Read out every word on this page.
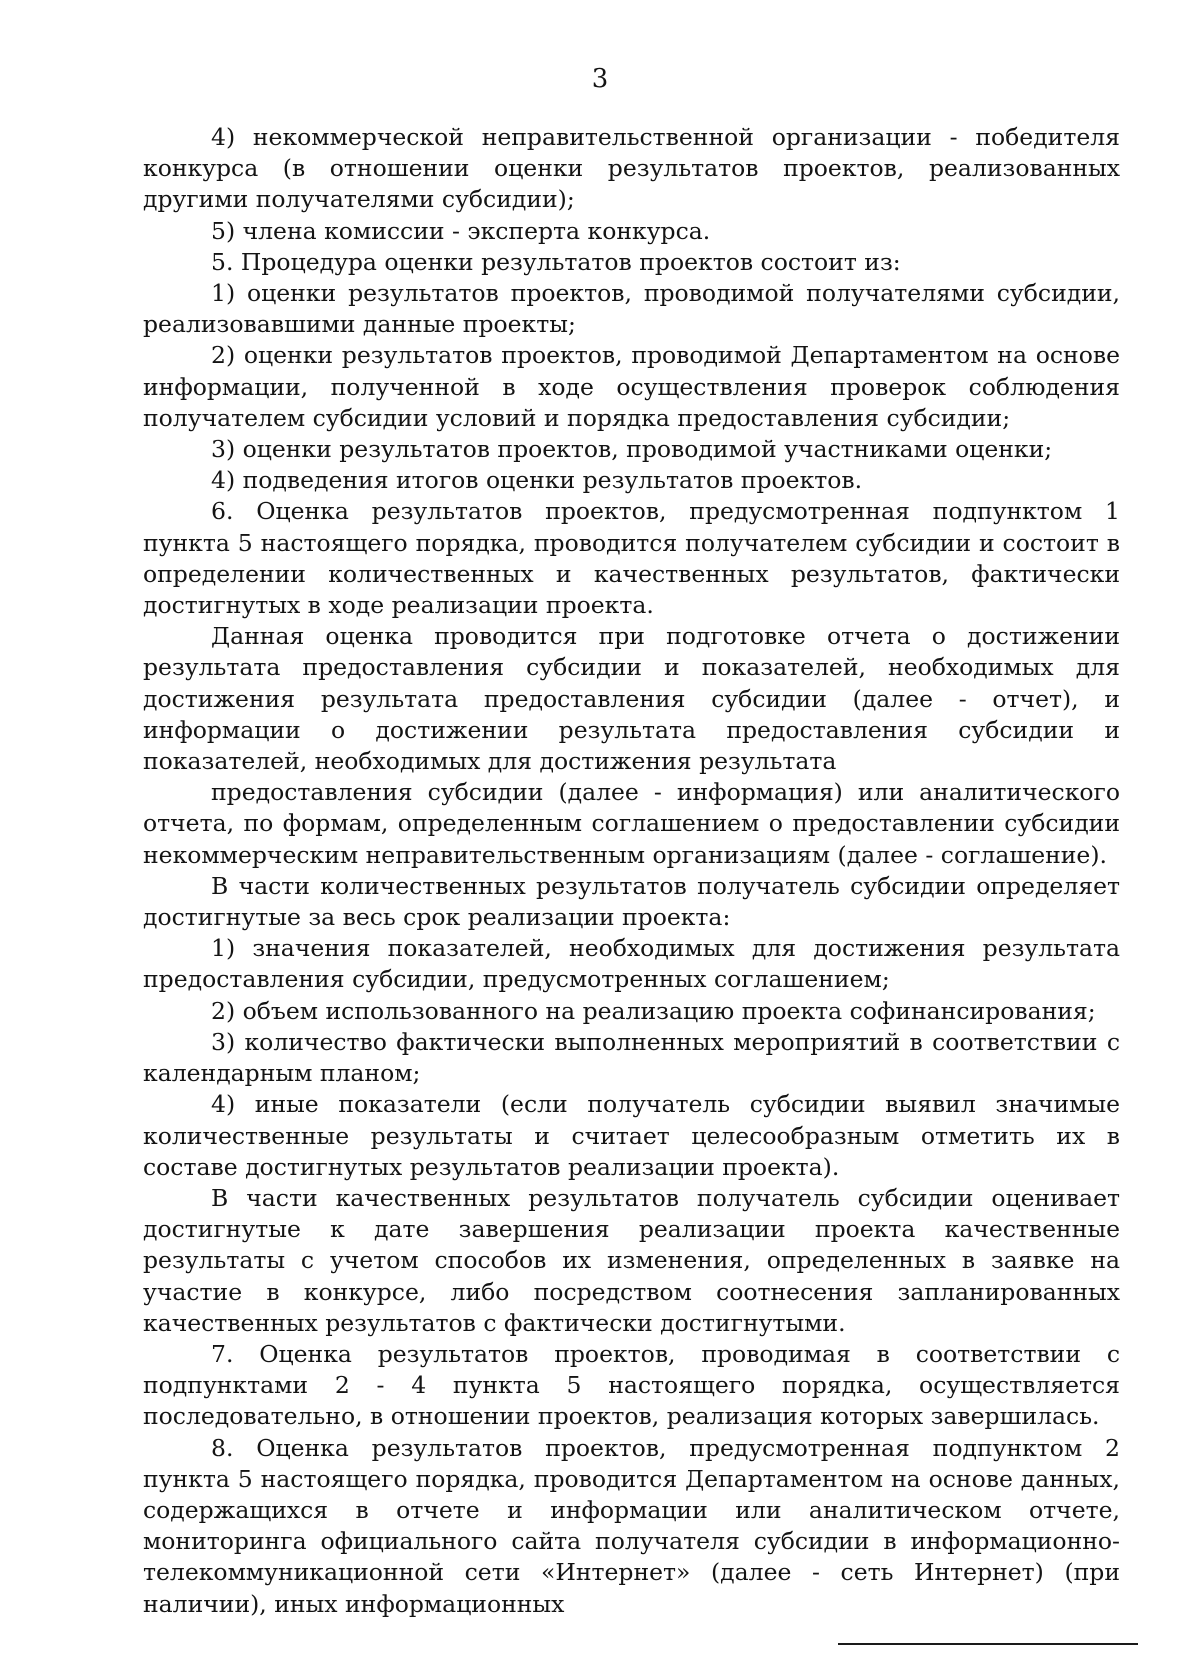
3

4) некоммерческой неправительственной организации - победителя конкурса (в отношении оценки результатов проектов, реализованных другими получателями субсидии);

5) члена комиссии - эксперта конкурса.

5. Процедура оценки результатов проектов состоит из:

1) оценки результатов проектов, проводимой получателями субсидии, реализовавшими данные проекты;

2) оценки результатов проектов, проводимой Департаментом на основе информации, полученной в ходе осуществления проверок соблюдения получателем субсидии условий и порядка предоставления субсидии;

3) оценки результатов проектов, проводимой участниками оценки;

4) подведения итогов оценки результатов проектов.

6. Оценка результатов проектов, предусмотренная подпунктом 1 пункта 5 настоящего порядка, проводится получателем субсидии и состоит в определении количественных и качественных результатов, фактически достигнутых в ходе реализации проекта.

Данная оценка проводится при подготовке отчета о достижении результата предоставления субсидии и показателей, необходимых для достижения результата предоставления субсидии (далее - отчет), и информации о достижении результата предоставления субсидии и показателей, необходимых для достижения результата

предоставления субсидии (далее - информация) или аналитического отчета, по формам, определенным соглашением о предоставлении субсидии некоммерческим неправительственным организациям (далее - соглашение).

В части количественных результатов получатель субсидии определяет достигнутые за весь срок реализации проекта:

1) значения показателей, необходимых для достижения результата предоставления субсидии, предусмотренных соглашением;

2) объем использованного на реализацию проекта софинансирования;

3) количество фактически выполненных мероприятий в соответствии с календарным планом;

4) иные показатели (если получатель субсидии выявил значимые количественные результаты и считает целесообразным отметить их в составе достигнутых результатов реализации проекта).

В части качественных результатов получатель субсидии оценивает достигнутые к дате завершения реализации проекта качественные результаты с учетом способов их изменения, определенных в заявке на участие в конкурсе, либо посредством соотнесения запланированных качественных результатов с фактически достигнутыми.

7. Оценка результатов проектов, проводимая в соответствии с подпунктами 2 - 4 пункта 5 настоящего порядка, осуществляется последовательно, в отношении проектов, реализация которых завершилась.

8. Оценка результатов проектов, предусмотренная подпунктом 2 пункта 5 настоящего порядка, проводится Департаментом на основе данных, содержащихся в отчете и информации или аналитическом отчете, мониторинга официального сайта получателя субсидии в информационно-телекоммуникационной сети «Интернет» (далее - сеть Интернет) (при наличии), иных информационных
